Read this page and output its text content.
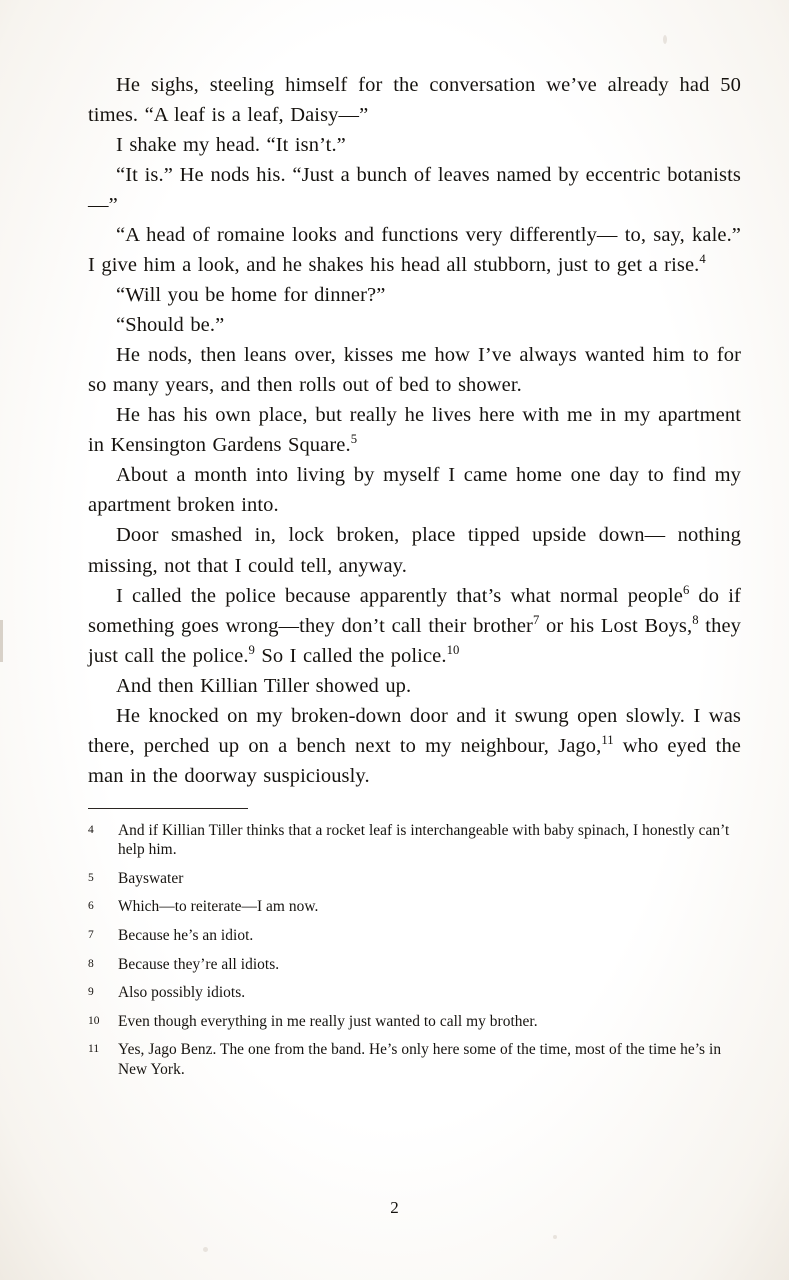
He sighs, steeling himself for the conversation we’ve already had 50 times. “A leaf is a leaf, Daisy—”

I shake my head. “It isn’t.”

“It is.” He nods his. “Just a bunch of leaves named by eccentric botanists—”

“A head of romaine looks and functions very differently— to, say, kale.” I give him a look, and he shakes his head all stubborn, just to get a rise.$^4$

“Will you be home for dinner?”

“Should be.”

He nods, then leans over, kisses me how I’ve always wanted him to for so many years, and then rolls out of bed to shower.

He has his own place, but really he lives here with me in my apartment in Kensington Gardens Square.$^5$

About a month into living by myself I came home one day to find my apartment broken into.

Door smashed in, lock broken, place tipped upside down— nothing missing, not that I could tell, anyway.

I called the police because apparently that’s what normal people$^6$ do if something goes wrong—they don’t call their brother$^7$ or his Lost Boys,$^8$ they just call the police.$^9$ So I called the police.$^{10}$

And then Killian Tiller showed up.

He knocked on my broken-down door and it swung open slowly. I was there, perched up on a bench next to my neighbour, Jago,$^{11}$ who eyed the man in the doorway suspiciously.

4	And if Killian Tiller thinks that a rocket leaf is interchangeable with baby spinach, I honestly can’t help him.
5	Bayswater
6	Which—to reiterate—I am now.
7	Because he’s an idiot.
8	Because they’re all idiots.
9	Also possibly idiots.
10	Even though everything in me really just wanted to call my brother.
11	Yes, Jago Benz. The one from the band. He’s only here some of the time, most of the time he’s in New York.
2
